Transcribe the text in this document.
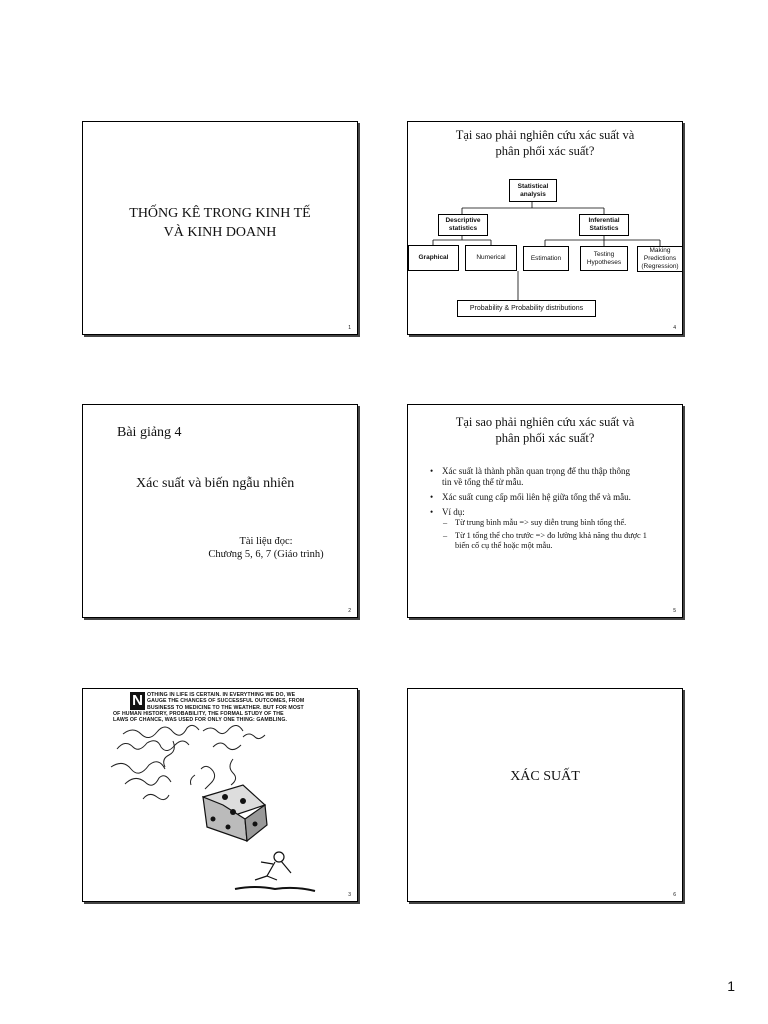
THỐNG KÊ TRONG KINH TẾ
VÀ KINH DOANH
1
Tại sao phải nghiên cứu xác suất và
phân phối xác suất?
Statistical
analysis
Descriptive
statistics
Inferential
Statistics
Graphical	Numerical	Estimation
Testing
Hypotheses
Making
Predictions
(Regression)
Probability & Probability distributions
4
Bài giảng 4
Xác suất và biến ngẫu nhiên
Tài liệu đọc:
Chương 5, 6, 7 (Giáo trình)
2
Tại sao phải nghiên cứu xác suất và
phân phối xác suất?
• Xác suất là thành phần quan trọng để thu thập thông
tin về tổng thể từ mẫu.
• Xác suất cung cấp mối liên hệ giữa tổng thể và mẫu.
• Ví dụ:
– Từ trung bình mẫu => suy diễn trung bình tổng thể.
– Từ 1 tổng thể cho trước => đo lường khả năng thu được 1
biến cố cụ thể hoặc một mẫu.
5
N OTHING IN LIFE IS CERTAIN. IN EVERYTHING WE DO, WE
GAUGE THE CHANCES OF SUCCESSFUL OUTCOMES, FROM
BUSINESS TO MEDICINE TO THE WEATHER. BUT FOR MOST
OF HUMAN HISTORY, PROBABILITY, THE FORMAL STUDY OF THE
LAWS OF CHANCE, WAS USED FOR ONLY ONE THING: GAMBLING.
3
XÁC SUẤT
6
1
